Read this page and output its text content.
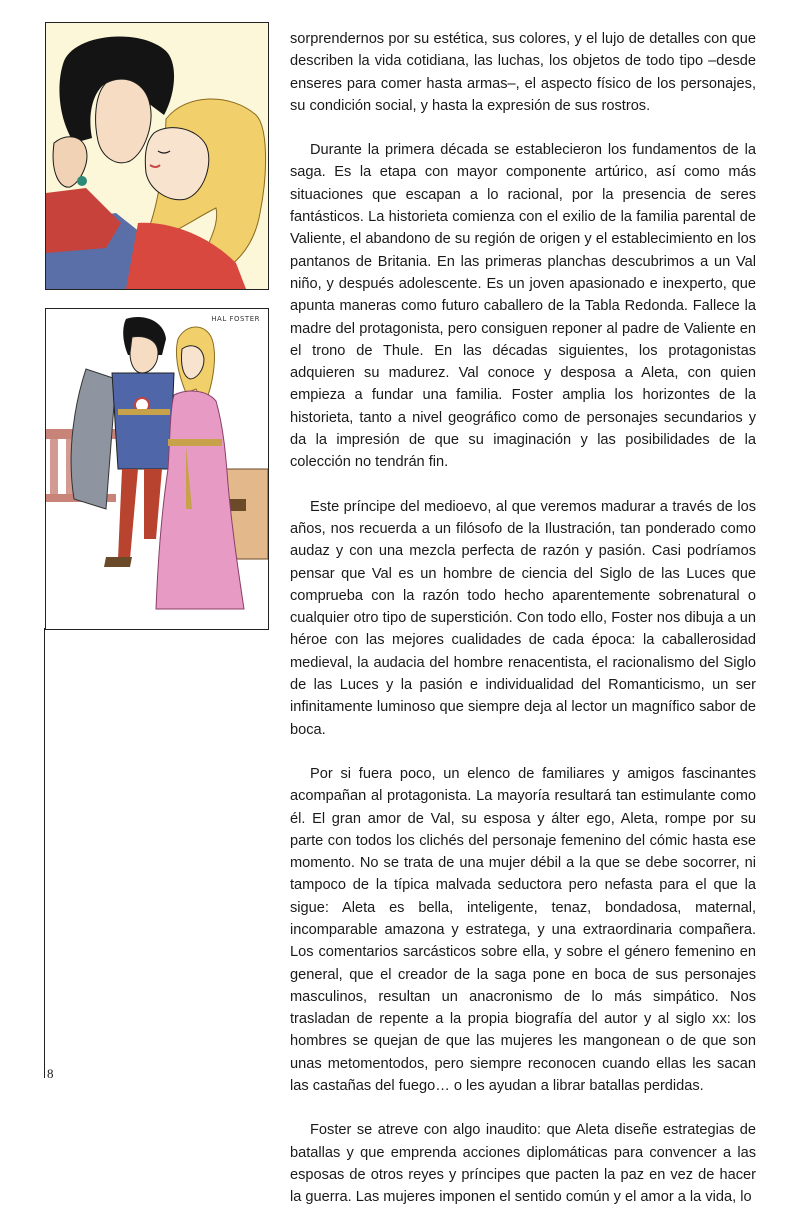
HAL FOSTER

sorprendernos por su estética, sus colores, y el lujo de detalles con que describen la vida cotidiana, las luchas, los objetos de todo tipo –desde enseres para comer hasta armas–, el aspecto físico de los personajes, su condición social, y hasta la expresión de sus rostros.

Durante la primera década se establecieron los fundamentos de la saga. Es la etapa con mayor componente artúrico, así como más situaciones que escapan a lo racional, por la presencia de seres fantásticos. La historieta comienza con el exilio de la familia parental de Valiente, el abandono de su región de origen y el establecimiento en los pantanos de Britania. En las primeras planchas descubrimos a un Val niño, y después adolescente. Es un joven apasionado e inexperto, que apunta maneras como futuro caballero de la Tabla Redonda. Fallece la madre del protagonista, pero consiguen reponer al padre de Valiente en el trono de Thule. En las décadas siguientes, los protagonistas adquieren su madurez. Val conoce y desposa a Aleta, con quien empieza a fundar una familia. Foster amplia los horizontes de la historieta, tanto a nivel geográfico como de personajes secundarios y da la impresión de que su imaginación y las posibilidades de la colección no tendrán fin.

Este príncipe del medioevo, al que veremos madurar a través de los años, nos recuerda a un filósofo de la Ilustración, tan ponderado como audaz y con una mezcla perfecta de razón y pasión. Casi podríamos pensar que Val es un hombre de ciencia del Siglo de las Luces que comprueba con la razón todo hecho aparentemente sobrenatural o cualquier otro tipo de superstición. Con todo ello, Foster nos dibuja a un héroe con las mejores cualidades de cada época: la caballerosidad medieval, la audacia del hombre renacentista, el racionalismo del Siglo de las Luces y la pasión e individualidad del Romanticismo, un ser infinitamente luminoso que siempre deja al lector un magnífico sabor de boca.

Por si fuera poco, un elenco de familiares y amigos fascinantes acompañan al protagonista. La mayoría resultará tan estimulante como él. El gran amor de Val, su esposa y álter ego, Aleta, rompe por su parte con todos los clichés del personaje femenino del cómic hasta ese momento. No se trata de una mujer débil a la que se debe socorrer, ni tampoco de la típica malvada seductora pero nefasta para el que la sigue: Aleta es bella, inteligente, tenaz, bondadosa, maternal, incomparable amazona y estratega, y una extraordinaria compañera. Los comentarios sarcásticos sobre ella, y sobre el género femenino en general, que el creador de la saga pone en boca de sus personajes masculinos, resultan un anacronismo de lo más simpático. Nos trasladan de repente a la propia biografía del autor y al siglo xx: los hombres se quejan de que las mujeres les mangonean o de que son unas metomentodos, pero siempre reconocen cuando ellas les sacan las castañas del fuego… o les ayudan a librar batallas perdidas.

Foster se atreve con algo inaudito: que Aleta diseñe estrategias de batallas y que emprenda acciones diplomáticas para convencer a las esposas de otros reyes y príncipes que pacten la paz en vez de hacer la guerra. Las mujeres imponen el sentido común y el amor a la vida, lo

8
